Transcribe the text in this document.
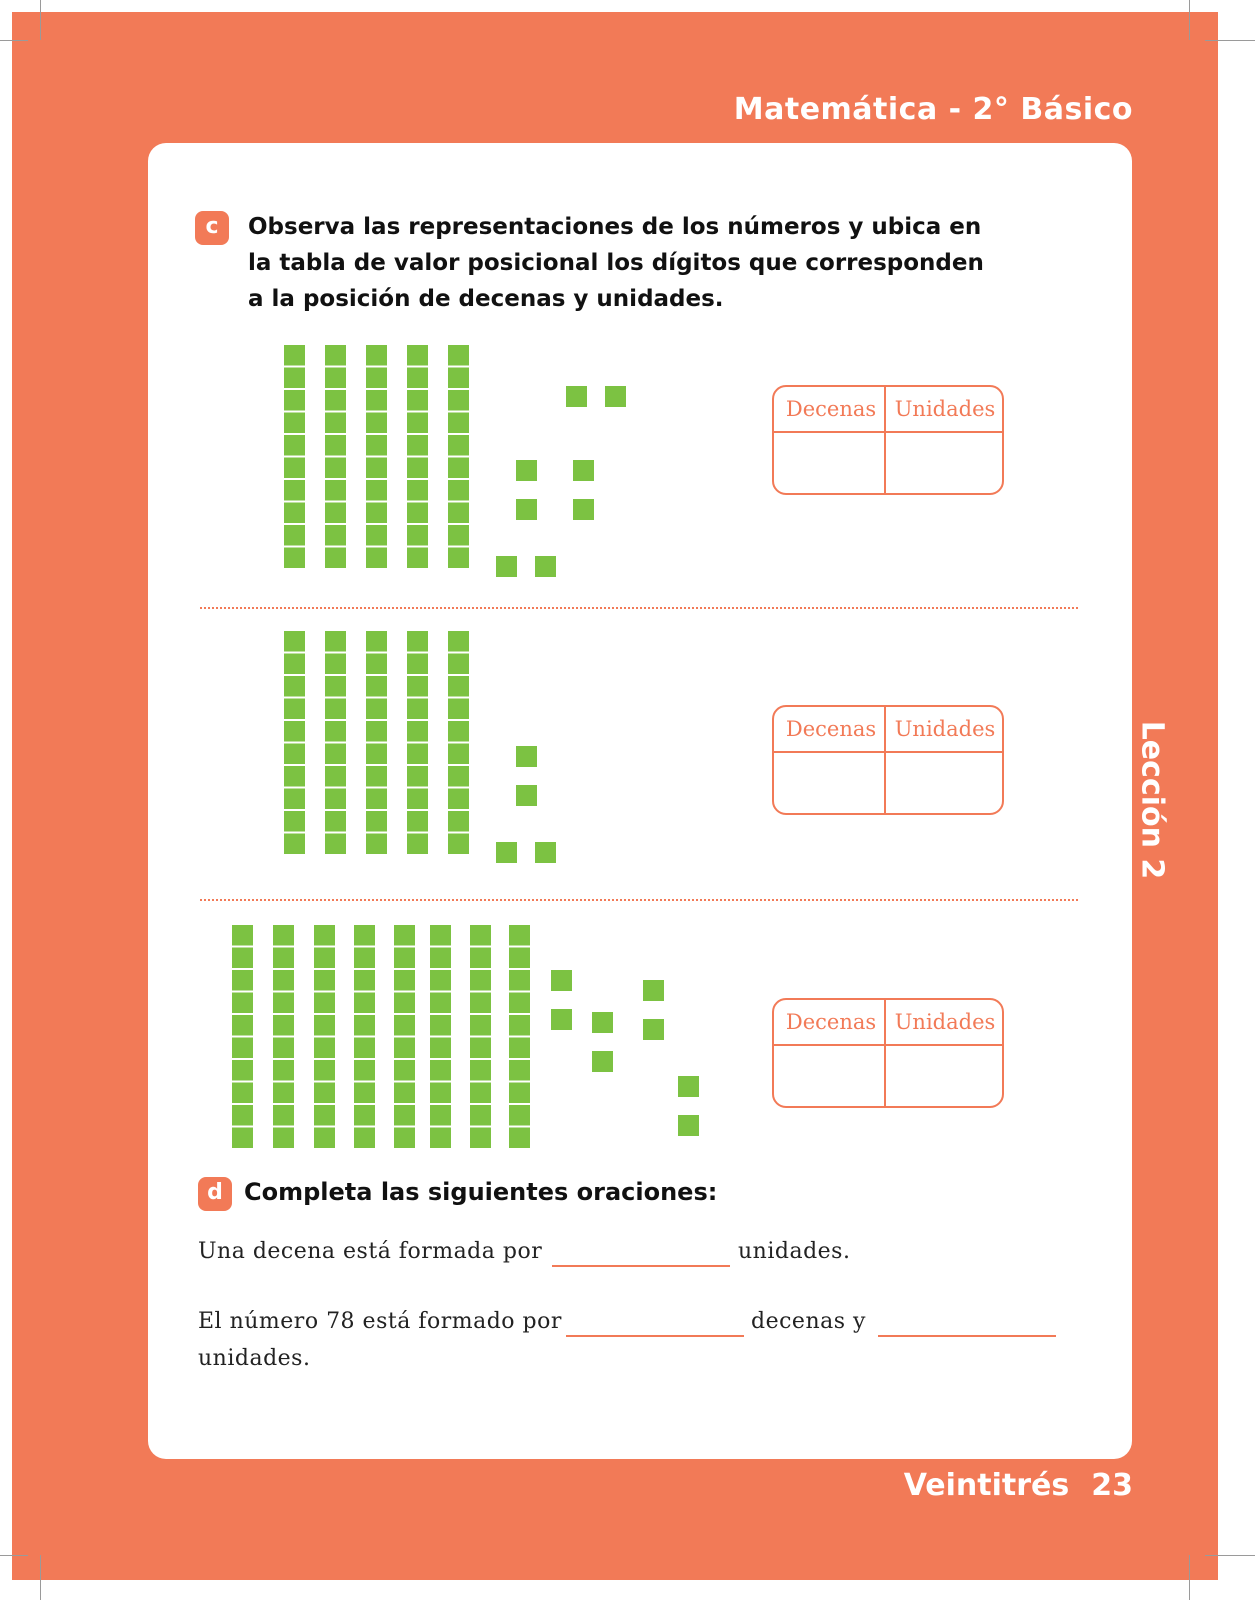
Matemática - 2° Básico
Lección 2
Veintitrés 23
c	Observa las representaciones de los números y ubica en
la tabla de valor posicional los dígitos que corresponden
a la posición de decenas y unidades.
Decenas Unidades
Decenas Unidades
Decenas Unidades
d Completa las siguientes oraciones:
Una decena está formada por	unidades.
El número 78 está formado por	decenas y
unidades.
